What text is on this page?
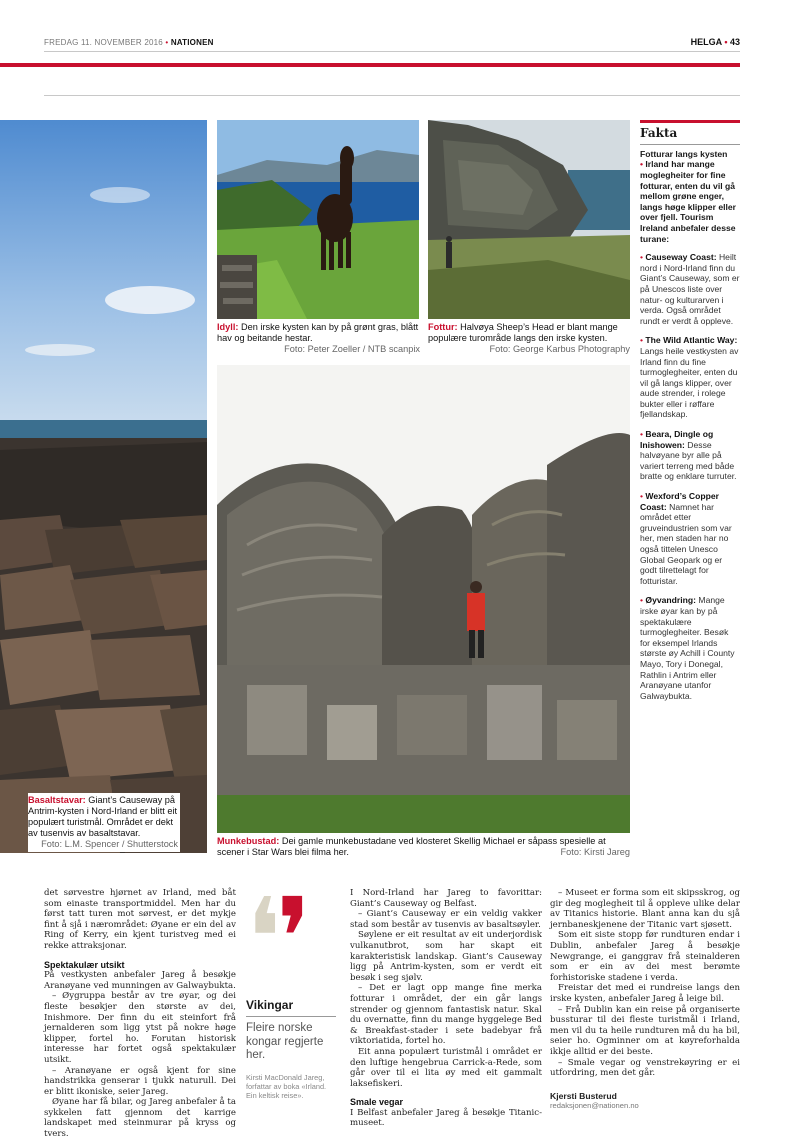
FREDAG 11. NOVEMBER 2016 • NATIONEN	HELGA • 43
Basaltstavar: Giant’s Causeway på Antrim-kysten i Nord-Irland er blitt eit populært turistmål. Området er dekt av tusenvis av basaltstavar.
Foto: L.M. Spencer / Shutterstock
Idyll: Den irske kysten kan by på grønt gras, blått hav og beitande hestar.
Foto: Peter Zoeller / NTB scanpix
Fottur: Halvøya Sheep’s Head er blant mange populære turområde langs den irske kysten.
Foto: George Karbus Photography
Munkebustad: Dei gamle munkebustadane ved klosteret Skellig Michael er såpass spesielle at scener i Star Wars blei filma her.	Foto: Kirsti Jareg
Fakta
Fotturar langs kysten
• Irland har mange moglegheiter for fine fotturar, enten du vil gå mellom grøne enger, langs høge klipper eller over fjell. Tourism Ireland anbefaler desse turane:
• Causeway Coast: Heilt nord i Nord-Irland finn du Giant’s Causeway, som er på Unescos liste over natur- og kulturarven i verda. Også området rundt er verdt å oppleve.
• The Wild Atlantic Way: Langs heile vestkysten av Irland finn du fine turmoglegheiter, enten du vil gå langs klipper, over aude strender, i rolege bukter eller i røffare fjellandskap.
• Beara, Dingle og Inishowen: Desse halvøyane byr alle på variert terreng med både bratte og enklare turruter.
• Wexford’s Copper Coast: Namnet har området etter gruveindustrien som var her, men staden har no også tittelen Unesco Global Geopark og er godt tilrettelagt for fotturistar.
• Øyvandring: Mange irske øyar kan by på spektakulære turmoglegheiter. Besøk for eksempel Irlands største øy Achill i County Mayo, Tory i Donegal, Rathlin i Antrim eller Aranøyane utanfor Galwaybukta.

det sørvestre hjørnet av Irland, med båt som einaste transportmiddel. Men har du først tatt turen mot sørvest, er det mykje fint å sjå i nærområdet: Øyane er ein del av Ring of Kerry, ein kjent turistveg med ei rekke attraksjonar.

Spektakulær utsikt

På vestkysten anbefaler Jareg å besøkje Aranøyane ved munningen av Galwaybukta.

– Øygruppa består av tre øyar, og dei fleste besøkjer den største av dei, Inishmore. Der finn du eit steinfort frå jernalderen som ligg ytst på nokre høge klipper, fortel ho. Forutan historisk interesse har fortet også spektakulær utsikt.

– Aranøyane er også kjent for sine handstrikka genserar i tjukk naturull. Dei er blitt ikoniske, seier Jareg.

Øyane har få bilar, og Jareg anbefaler å ta sykkelen fatt gjennom det karrige landskapet med steinmurar på kryss og tvers.

❛
❜
Vikingar
Fleire norske kongar regjerte her.
Kirsti MacDonald Jareg, forfattar av boka «Irland. Ein keltisk reise».

I Nord-Irland har Jareg to favorittar: Giant’s Causeway og Belfast.

– Giant’s Causeway er ein veldig vakker stad som består av tusenvis av basaltsøyler.

Søylene er eit resultat av eit underjordisk vulkanutbrot, som har skapt eit karakteristisk landskap. Giant’s Causeway ligg på Antrim-kysten, som er verdt eit besøk i seg sjølv.

– Det er lagt opp mange fine merka fotturar i området, der ein går langs strender og gjennom fantastisk natur. Skal du overnatte, finn du mange hyggelege Bed & Breakfast-stader i sete badebyar frå viktoriatida, fortel ho.

Eit anna populært turistmål i området er den luftige hengebrua Carrick-a-Rede, som går over til ei lita øy med eit gammalt laksefiskeri.

Smale vegar

I Belfast anbefaler Jareg å besøkje Titanic-museet.

– Museet er forma som eit skipsskrog, og gir deg moglegheit til å oppleve ulike delar av Titanics historie. Blant anna kan du sjå jernbaneskjenene der Titanic vart sjøsett.

Som eit siste stopp før rundturen endar i Dublin, anbefaler Jareg å besøkje Newgrange, ei ganggrav frå steinalderen som er ein av dei mest berømte forhistoriske stadene i verda.

Freistar det med ei rundreise langs den irske kysten, anbefaler Jareg å leige bil.

– Frå Dublin kan ein reise på organiserte bussturar til dei fleste turistmål i Irland, men vil du ta heile rundturen må du ha bil, seier ho. Ogminner om at køyreforhalda ikkje alltid er dei beste.

– Smale vegar og venstrekøyring er ei utfordring, men det går.

Kjersti Busterud
redaksjonen@nationen.no
